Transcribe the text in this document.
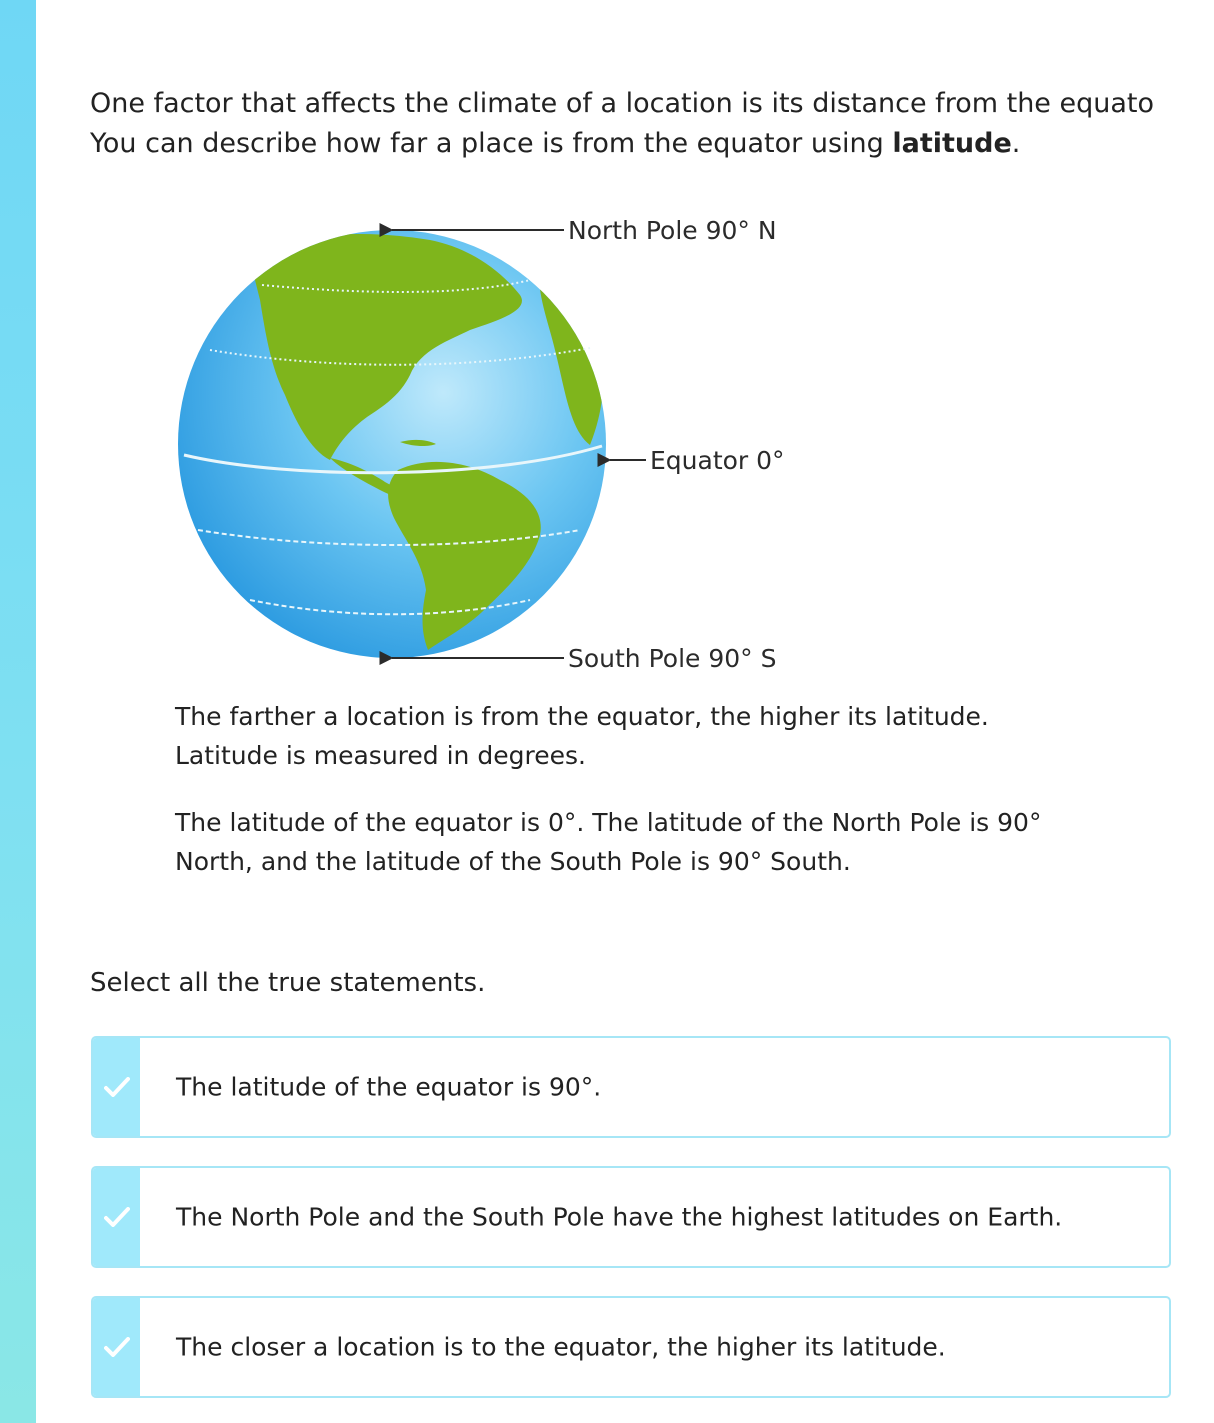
One factor that affects the climate of a location is its distance from the equato

You can describe how far a place is from the equator using latitude.

North Pole 90° N
Equator 0°
South Pole 90° S

The farther a location is from the equator, the higher its latitude.
Latitude is measured in degrees.

The latitude of the equator is 0°. The latitude of the North Pole is 90°
North, and the latitude of the South Pole is 90° South.

Select all the true statements.

The latitude of the equator is 90°.
The North Pole and the South Pole have the highest latitudes on Earth.
The closer a location is to the equator, the higher its latitude.
